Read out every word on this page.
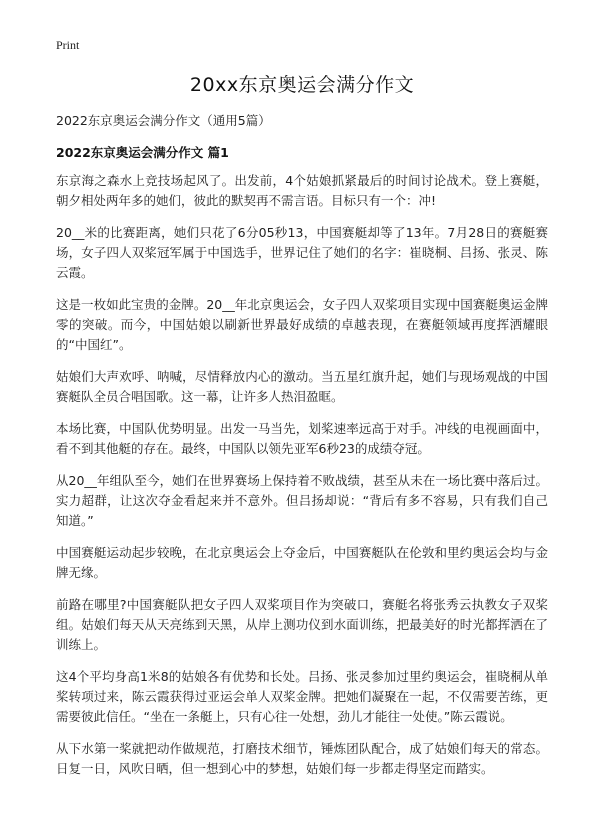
Print
20xx东京奥运会满分作文
2022东京奥运会满分作文（通用5篇）
2022东京奥运会满分作文 篇1

东京海之森水上竞技场起风了。出发前，4个姑娘抓紧最后的时间讨论战术。登上赛艇，朝夕相处两年多的她们，彼此的默契再不需言语。目标只有一个：冲!

20__米的比赛距离，她们只花了6分05秒13，中国赛艇却等了13年。7月28日的赛艇赛场，女子四人双桨冠军属于中国选手，世界记住了她们的名字：崔晓桐、吕扬、张灵、陈云霞。

这是一枚如此宝贵的金牌。20__年北京奥运会，女子四人双桨项目实现中国赛艇奥运金牌零的突破。而今，中国姑娘以刷新世界最好成绩的卓越表现，在赛艇领域再度挥洒耀眼的“中国红”。

姑娘们大声欢呼、呐喊，尽情释放内心的激动。当五星红旗升起，她们与现场观战的中国赛艇队全员合唱国歌。这一幕，让许多人热泪盈眶。

本场比赛，中国队优势明显。出发一马当先，划桨速率远高于对手。冲线的电视画面中，看不到其他艇的存在。最终，中国队以领先亚军6秒23的成绩夺冠。

从20__年组队至今，她们在世界赛场上保持着不败战绩，甚至从未在一场比赛中落后过。实力超群，让这次夺金看起来并不意外。但吕扬却说：“背后有多不容易，只有我们自己知道。”

中国赛艇运动起步较晚，在北京奥运会上夺金后，中国赛艇队在伦敦和里约奥运会均与金牌无缘。

前路在哪里?中国赛艇队把女子四人双桨项目作为突破口，赛艇名将张秀云执教女子双桨组。姑娘们每天从天亮练到天黑，从岸上测功仪到水面训练，把最美好的时光都挥洒在了训练上。

这4个平均身高1米8的姑娘各有优势和长处。吕扬、张灵参加过里约奥运会，崔晓桐从单桨转项过来，陈云霞获得过亚运会单人双桨金牌。把她们凝聚在一起，不仅需要苦练，更需要彼此信任。“坐在一条艇上，只有心往一处想，劲儿才能往一处使。”陈云霞说。

从下水第一桨就把动作做规范，打磨技术细节，锤炼团队配合，成了姑娘们每天的常态。日复一日，风吹日晒，但一想到心中的梦想，姑娘们每一步都走得坚定而踏实。
